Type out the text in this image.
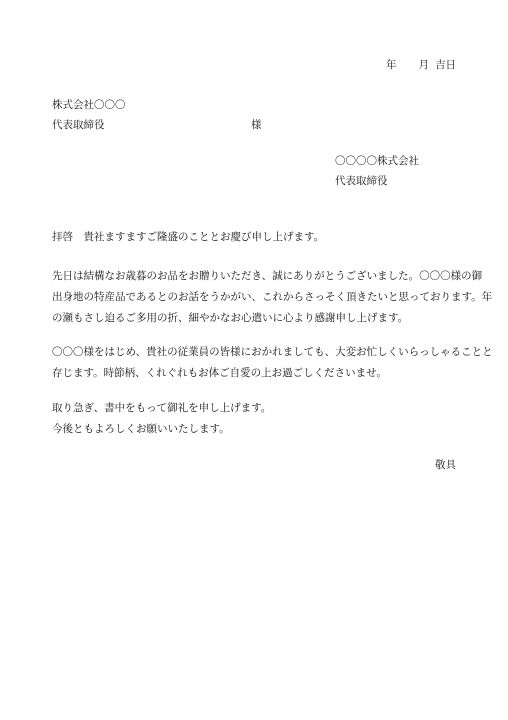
年 月 吉日
株式会社〇〇〇
代表取締役	様
〇〇〇〇株式会社
代表取締役
拝啓　貴社ますますご隆盛のこととお慶び申し上げます。
先日は結構なお歳暮のお品をお贈りいただき、誠にありがとうございました。〇〇〇様の御
出身地の特産品であるとのお話をうかがい、これからさっそく頂きたいと思っております。年
の瀬もさし迫るご多用の折、細やかなお心遣いに心より感謝申し上げます。
〇〇〇様をはじめ、貴社の従業員の皆様におかれましても、大変お忙しくいらっしゃることと
存じます。時節柄、くれぐれもお体ご自愛の上お過ごしくださいませ。
取り急ぎ、書中をもって御礼を申し上げます。
今後ともよろしくお願いいたします。
敬具
